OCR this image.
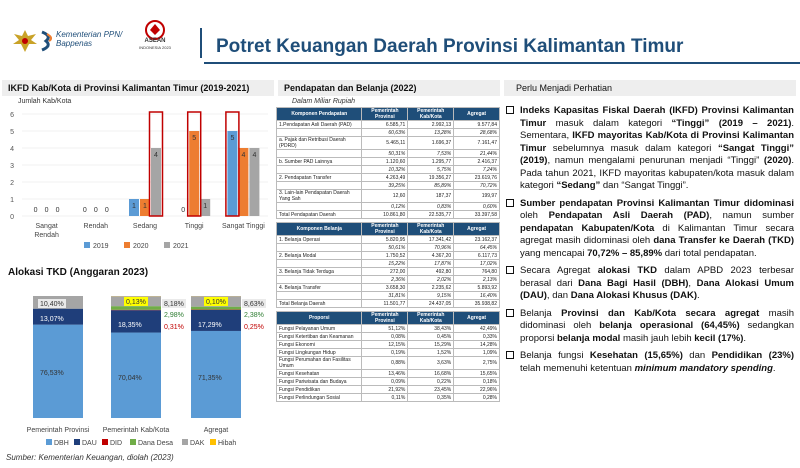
Kementerian PPN/
Bappenas	ASEAN
INDONESIA 2023 Potret Keuangan Daerah Provinsi Kalimantan Timur
IKFD Kab/Kota di Provinsi Kalimantan Timur (2019-2021)
Jumlah Kab/Kota
0
1
2
3
4
5
6
0 0 0
Sangat
Rendah
0 0 0
Rendah
1 1
4
Sedang
0
5
1
Tinggi
5
4 4
Sangat Tinggi
2019	2020	2021
Alokasi TKD (Anggaran 2023)
Pemerintah Provinsi Pemerintah Kab/Kota	Agregat
10,40%
13,07%
76,53%
0,13%	8,18%
2,98%
0,31%
18,35%
70,04%
0,10%	8,63%
2,38%
0,25%
17,29%
71,35%
DBH DAU DID Dana Desa DAK Hibah
Pendapatan dan Belanja (2022)
Dalam Miliar Rupiah
Komponen Pendapatan	Pemerintah Provinsi	Pemerintah Kab/Kota	Agregat
1.Pendapatan Asli Daerah (PAD)	6.585,71	2.992,13	9.577,84
	60,63%	13,28%	28,68%
a. Pajak dan Retribusi Daerah (PDRD)	5.465,11	1.696,37	7.161,47
	50,31%	7,53%	21,44%
b. Sumber PAD Lainnya	1.120,60	1.295,77	2.416,37
	10,32%	5,75%	7,24%
2. Pendapatan Transfer	4.263,49	19.356,27	23.619,76
	39,25%	85,89%	70,72%
3. Lain-lain Pendapatan Daerah Yang Sah	12,60	187,37	199,97
	0,12%	0,83%	0,60%
Total Pendapatan Daerah	10.861,80	22.535,77	33.397,58
Komponen Belanja	Pemerintah Provinsi	Pemerintah Kab/Kota	Agregat
1. Belanja Operasi	5.820,95	17.341,42	23.162,37
	50,61%	70,96%	64,45%
2. Belanja Modal	1.750,52	4.367,20	6.117,73
	15,22%	17,87%	17,02%
3. Belanja Tidak Terduga	272,00	492,80	764,80
	2,36%	2,02%	2,13%
4. Belanja Transfer	3.658,30	2.235,62	5.893,92
	31,81%	9,15%	16,40%
Total Belanja Daerah	11.501,77	24.437,05	35.938,82
Proporsi	Pemerintah Provinsi	Pemerintah Kab/Kota	Agregat
Fungsi Pelayanan Umum	51,12%	38,43%	42,49%
Fungsi Ketertiban dan Keamanan	0,08%	0,45%	0,33%
Fungsi Ekonomi	12,15%	15,29%	14,28%
Fungsi Lingkungan Hidup	0,19%	1,52%	1,09%
Fungsi Perumahan dan Fasilitas Umum	0,88%	3,63%	2,75%
Fungsi Kesehatan	13,46%	16,68%	15,65%
Fungsi Pariwisata dan Budaya	0,09%	0,22%	0,18%
Fungsi Pendidikan	21,92%	23,45%	22,96%
Fungsi Perlindungan Sosial	0,11%	0,35%	0,28%
Perlu Menjadi Perhatian

Indeks Kapasitas Fiskal Daerah (IKFD) Provinsi Kalimantan Timur masuk dalam kategori “Tinggi” (2019 – 2021). Sementara, IKFD mayoritas Kab/Kota di Provinsi Kalimantan Timur sebelumnya masuk dalam kategori “Sangat Tinggi” (2019), namun mengalami penurunan menjadi “Tinggi” (2020). Pada tahun 2021, IKFD mayoritas kabupaten/kota masuk dalam kategori “Sedang” dan “Sangat Tinggi”.

Sumber pendapatan Provinsi Kalimantan Timur didominasi oleh Pendapatan Asli Daerah (PAD), namun sumber pendapatan Kabupaten/Kota di Kalimantan Timur secara agregat masih didominasi oleh dana Transfer ke Daerah (TKD) yang mencapai 70,72% – 85,89% dari total pendapatan.

Secara Agregat alokasi TKD dalam APBD 2023 terbesar berasal dari Dana Bagi Hasil (DBH), Dana Alokasi Umum (DAU), dan Dana Alokasi Khusus (DAK).

Belanja Provinsi dan Kab/Kota secara agregat masih didominasi oleh belanja operasional (64,45%) sedangkan proporsi belanja modal masih jauh lebih kecil (17%).

Belanja fungsi Kesehatan (15,65%) dan Pendidikan (23%) telah memenuhi ketentuan minimum mandatory spending.

Sumber: Kementerian Keuangan, diolah (2023)
